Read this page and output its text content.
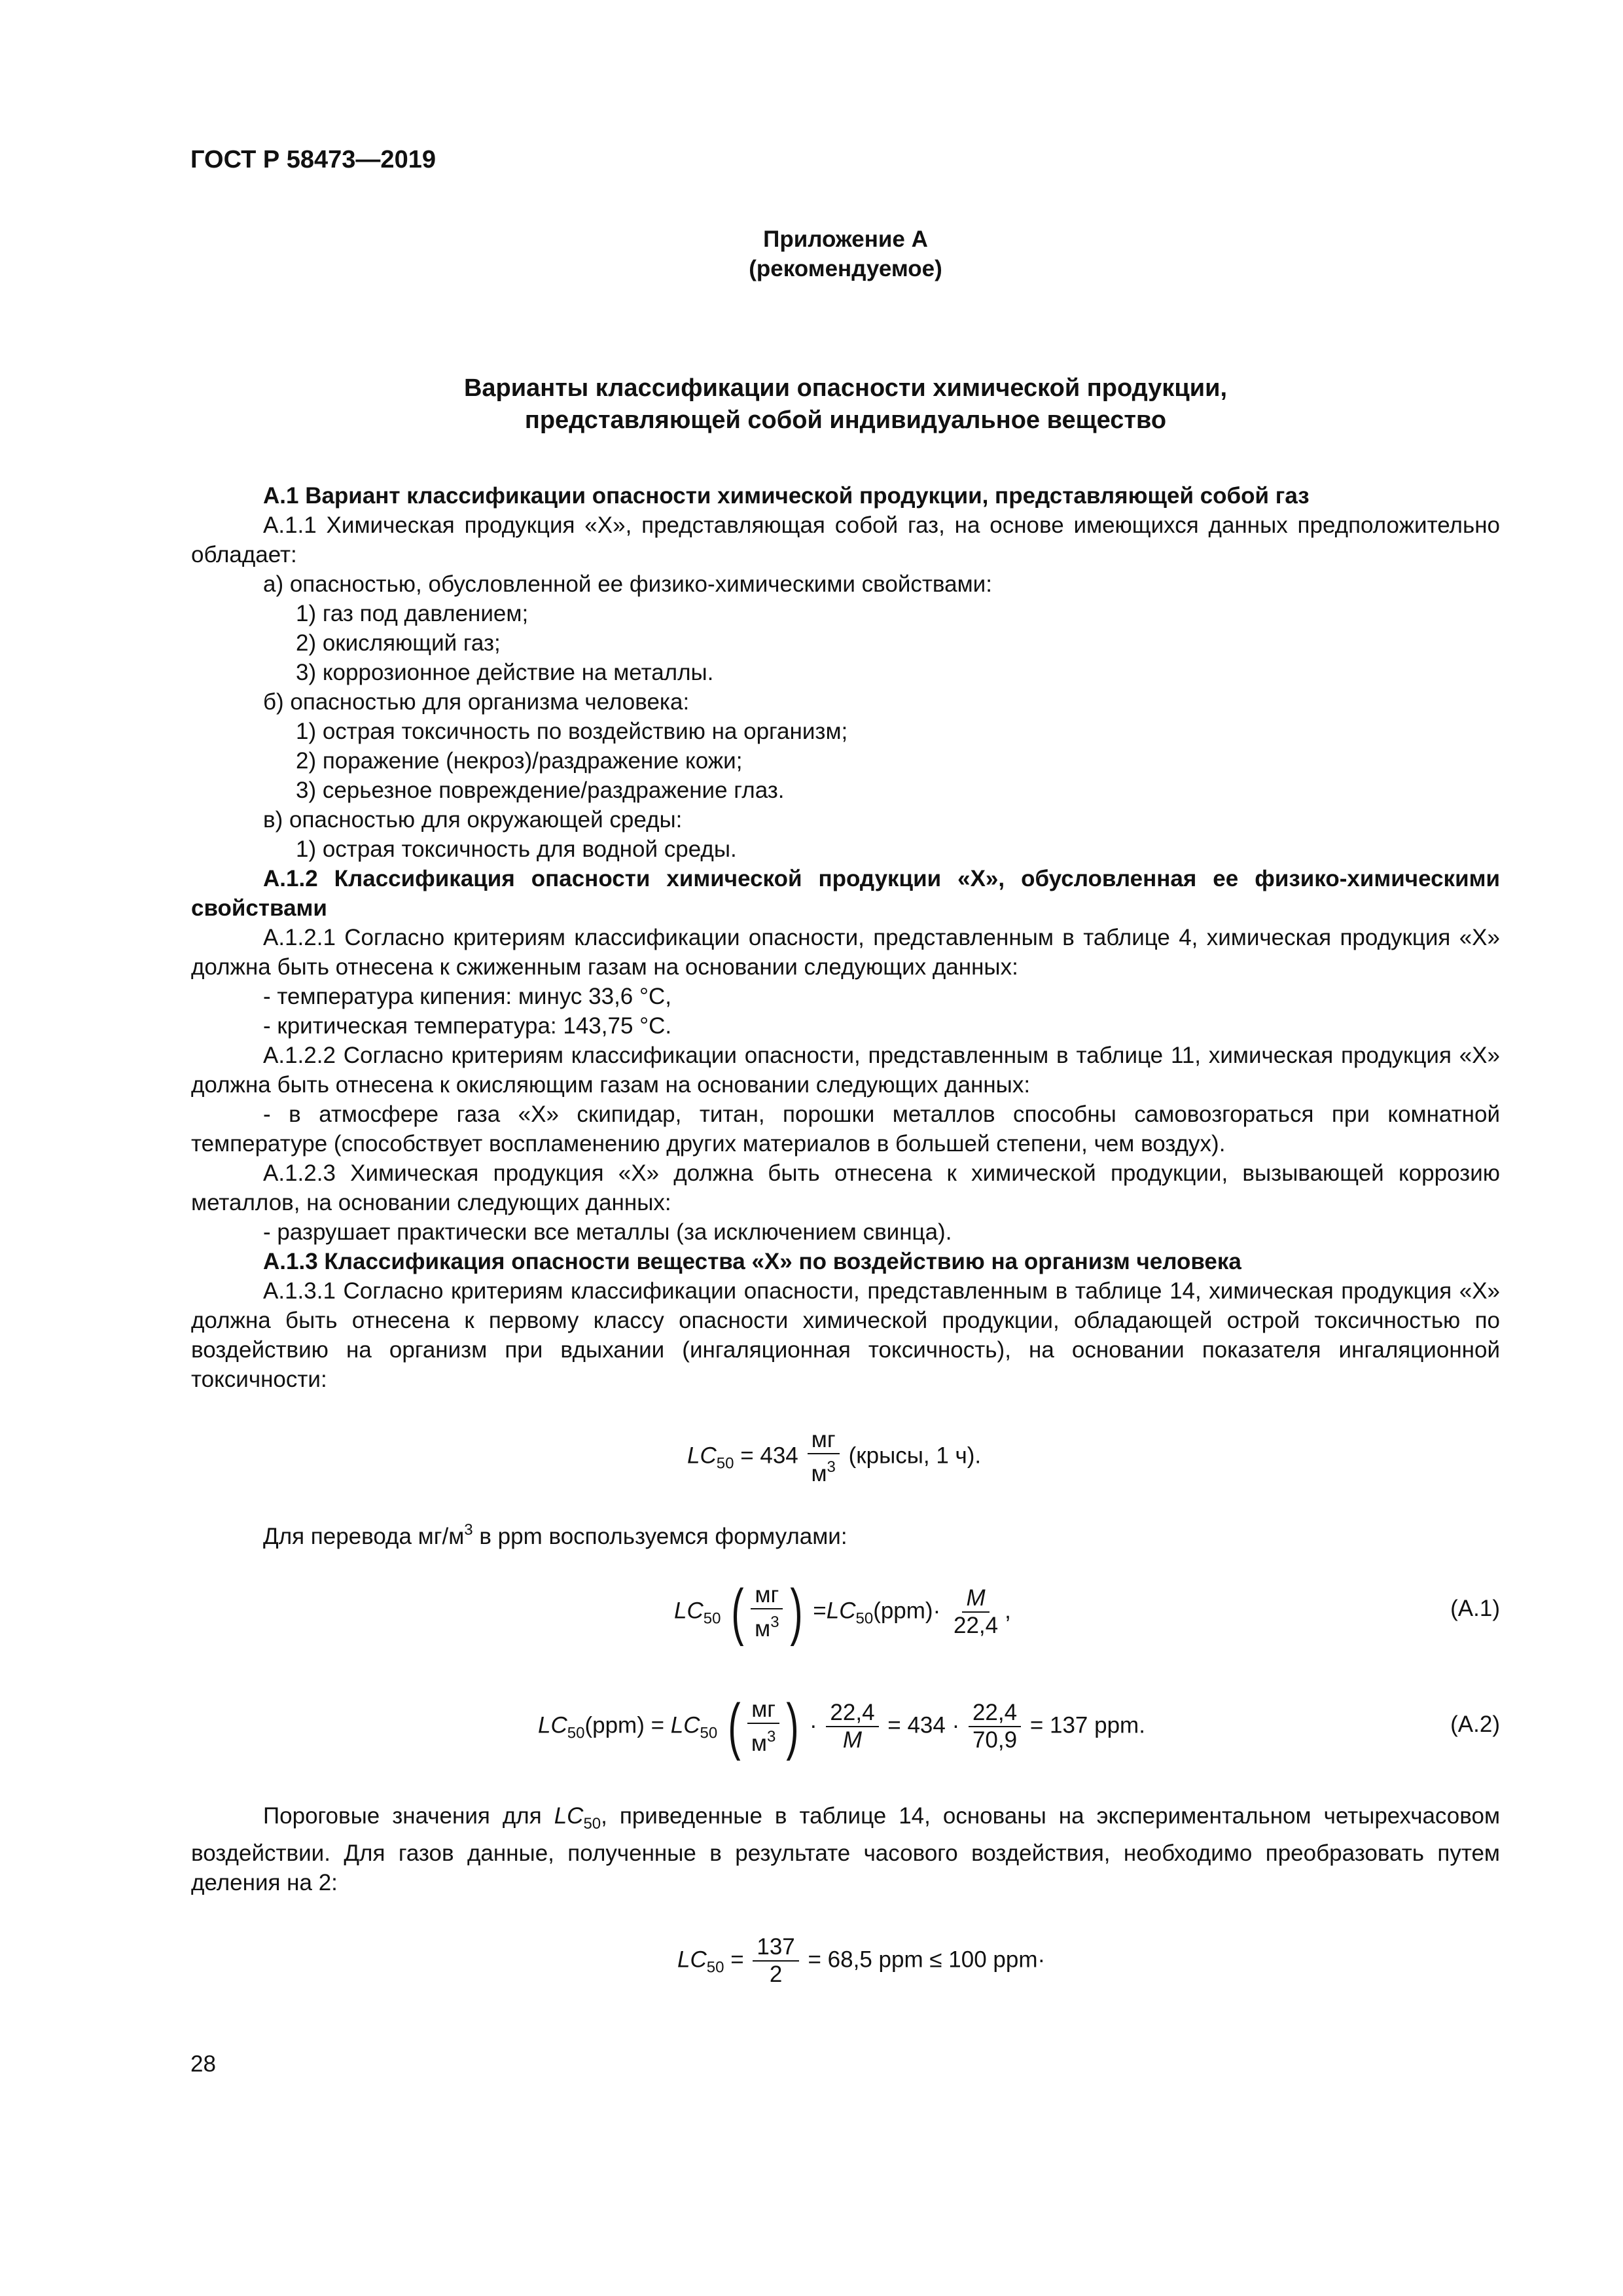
ГОСТ Р 58473—2019
Приложение А
(рекомендуемое)
Варианты классификации опасности химической продукции,
представляющей собой индивидуальное вещество

А.1 Вариант классификации опасности химической продукции, представляющей собой газ

А.1.1 Химическая продукция «X», представляющая собой газ, на основе имеющихся данных предположительно обладает:

а) опасностью, обусловленной ее физико-химическими свойствами:

1) газ под давлением;

2) окисляющий газ;

3) коррозионное действие на металлы.

б) опасностью для организма человека:

1) острая токсичность по воздействию на организм;

2) поражение (некроз)/раздражение кожи;

3) серьезное повреждение/раздражение глаз.

в) опасностью для окружающей среды:

1) острая токсичность для водной среды.

А.1.2 Классификация опасности химической продукции «X», обусловленная ее физико-химическими свойствами

А.1.2.1 Согласно критериям классификации опасности, представленным в таблице 4, химическая продукция «X» должна быть отнесена к сжиженным газам на основании следующих данных:

- температура кипения: минус 33,6 °С,

- критическая температура: 143,75 °С.

А.1.2.2 Согласно критериям классификации опасности, представленным в таблице 11, химическая продукция «X» должна быть отнесена к окисляющим газам на основании следующих данных:

- в атмосфере газа «X» скипидар, титан, порошки металлов способны самовозгораться при комнатной температуре (способствует воспламенению других материалов в большей степени, чем воздух).

А.1.2.3 Химическая продукция «X» должна быть отнесена к химической продукции, вызывающей коррозию металлов, на основании следующих данных:

- разрушает практически все металлы (за исключением свинца).

А.1.3 Классификация опасности вещества «X» по воздействию на организм человека

А.1.3.1 Согласно критериям классификации опасности, представленным в таблице 14, химическая продукция «X» должна быть отнесена к первому классу опасности химической продукции, обладающей острой токсичностью по воздействию на организм при вдыхании (ингаляционная токсичность), на основании показателя ингаляционной токсичности:

$LC_{50} = 434 \frac{мг}{м^3}$ (крысы, 1 ч).
Для перевода $мг/м^3$ в ppm воспользуемся формулами:
$LC_{50}$ ( $\frac{мг}{м^3}$ ) $=LC_{50}(ppm)\cdot \frac{M}{22,4}$ ,	(А.1)
$LC_{50}(ppm) = LC_{50}$ ( $\frac{мг}{м^3}$ ) · $\frac{22,4}{M} = 434 \cdot \frac{22,4}{70,9} = 137$ ppm.	(А.2)
Пороговые значения для $LC_{50}$, приведенные в таблице 14, основаны на экспериментальном четырехчасовом воздействии. Для газов данные, полученные в результате часового воздействия, необходимо преобразовать путем деления на 2:
$LC_{50} = \frac{137}{2} = 68,5$ ppm ≤ 100 ppm·
28
